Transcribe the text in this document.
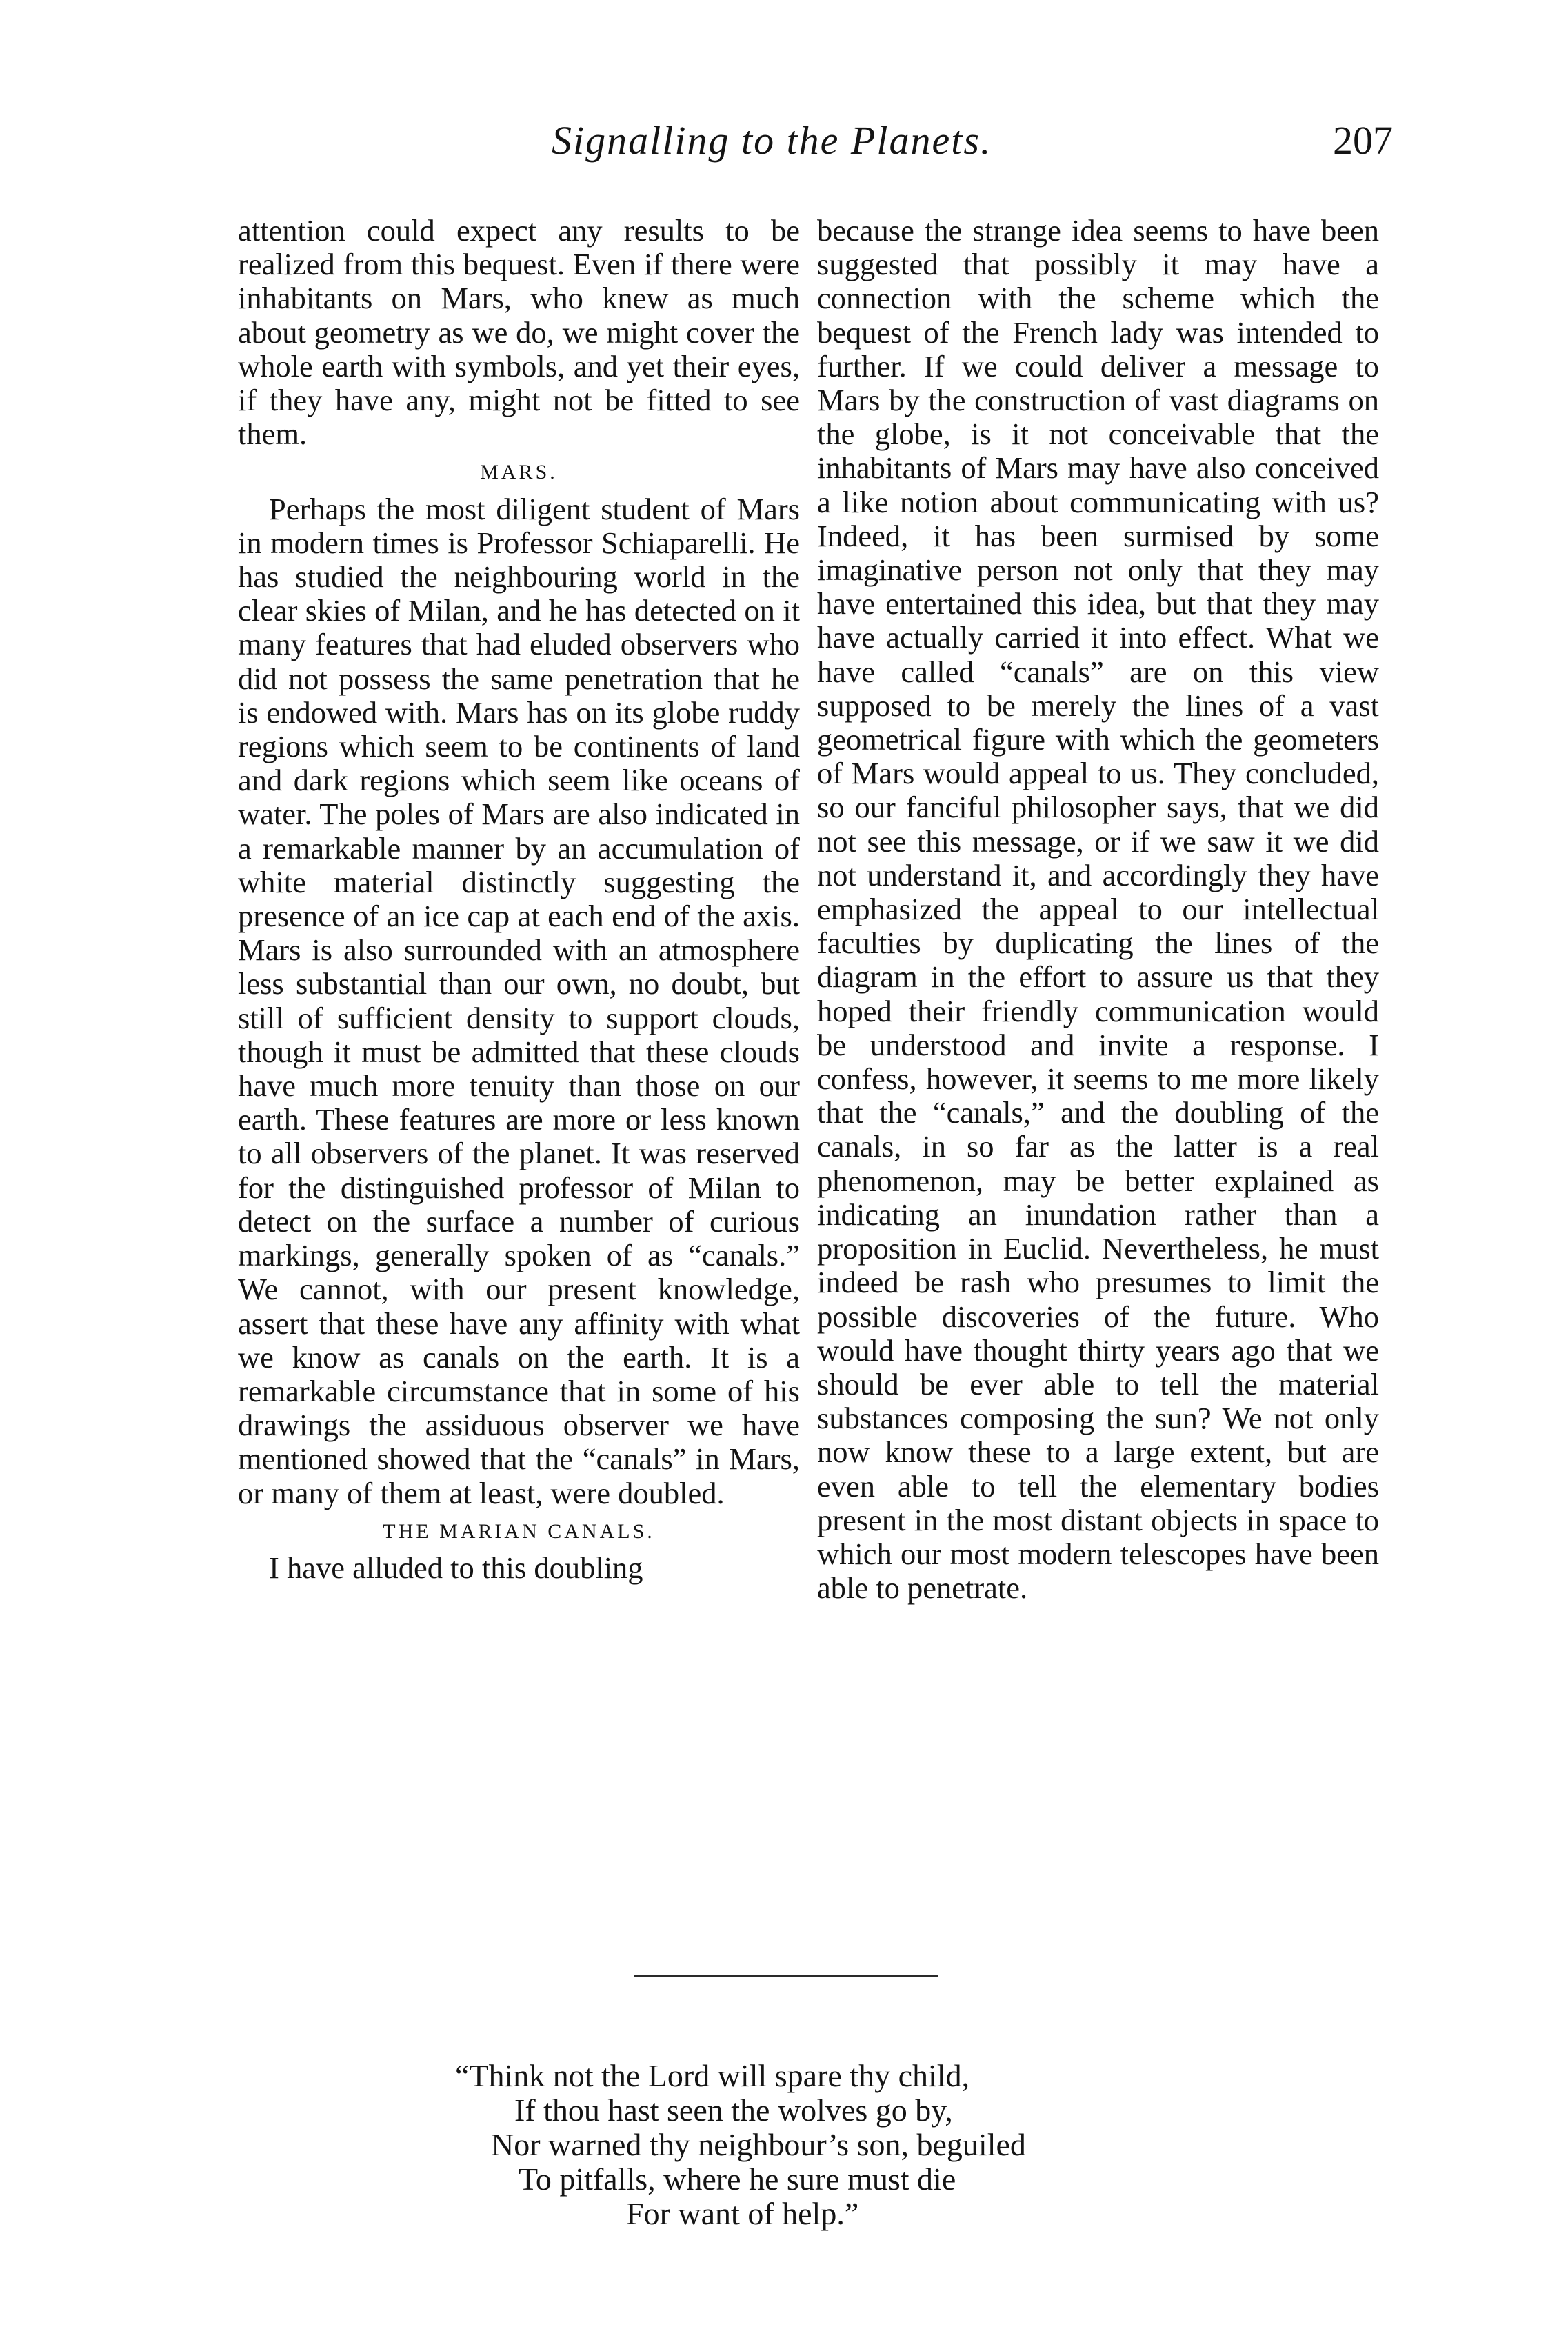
Signalling to the Planets.	207

attention could expect any results to be realized from this bequest. Even if there were inhabitants on Mars, who knew as much about geometry as we do, we might cover the whole earth with symbols, and yet their eyes, if they have any, might not be fitted to see them.

MARS.

Perhaps the most diligent student of Mars in modern times is Professor Schiaparelli. He has studied the neighbouring world in the clear skies of Milan, and he has detected on it many features that had eluded observers who did not possess the same penetration that he is endowed with. Mars has on its globe ruddy regions which seem to be continents of land and dark regions which seem like oceans of water. The poles of Mars are also indicated in a remarkable manner by an accumulation of white material distinctly suggesting the presence of an ice cap at each end of the axis. Mars is also surrounded with an atmosphere less substantial than our own, no doubt, but still of sufficient density to support clouds, though it must be admitted that these clouds have much more tenuity than those on our earth. These features are more or less known to all observers of the planet. It was reserved for the distinguished professor of Milan to detect on the surface a number of curious markings, generally spoken of as “canals.” We cannot, with our present knowledge, assert that these have any affinity with what we know as canals on the earth. It is a remarkable circumstance that in some of his drawings the assiduous observer we have mentioned showed that the “canals” in Mars, or many of them at least, were doubled.

THE MARIAN CANALS.

I have alluded to this doubling

because the strange idea seems to have been suggested that possibly it may have a connection with the scheme which the bequest of the French lady was intended to further. If we could deliver a message to Mars by the construction of vast diagrams on the globe, is it not conceivable that the inhabitants of Mars may have also conceived a like notion about communicating with us? Indeed, it has been surmised by some imaginative person not only that they may have entertained this idea, but that they may have actually carried it into effect. What we have called “canals” are on this view supposed to be merely the lines of a vast geometrical figure with which the geometers of Mars would appeal to us. They concluded, so our fanciful philosopher says, that we did not see this message, or if we saw it we did not understand it, and accordingly they have emphasized the appeal to our intellectual faculties by duplicating the lines of the diagram in the effort to assure us that they hoped their friendly communication would be understood and invite a response. I confess, however, it seems to me more likely that the “canals,” and the doubling of the canals, in so far as the latter is a real phenomenon, may be better explained as indicating an inundation rather than a proposition in Euclid. Nevertheless, he must indeed be rash who presumes to limit the possible discoveries of the future. Who would have thought thirty years ago that we should be ever able to tell the material substances composing the sun? We not only now know these to a large extent, but are even able to tell the elementary bodies present in the most distant objects in space to which our most modern telescopes have been able to penetrate.

“Think not the Lord will spare thy child,
If thou hast seen the wolves go by,
Nor warned thy neighbour’s son, beguiled
To pitfalls, where he sure must die
For want of help.”
